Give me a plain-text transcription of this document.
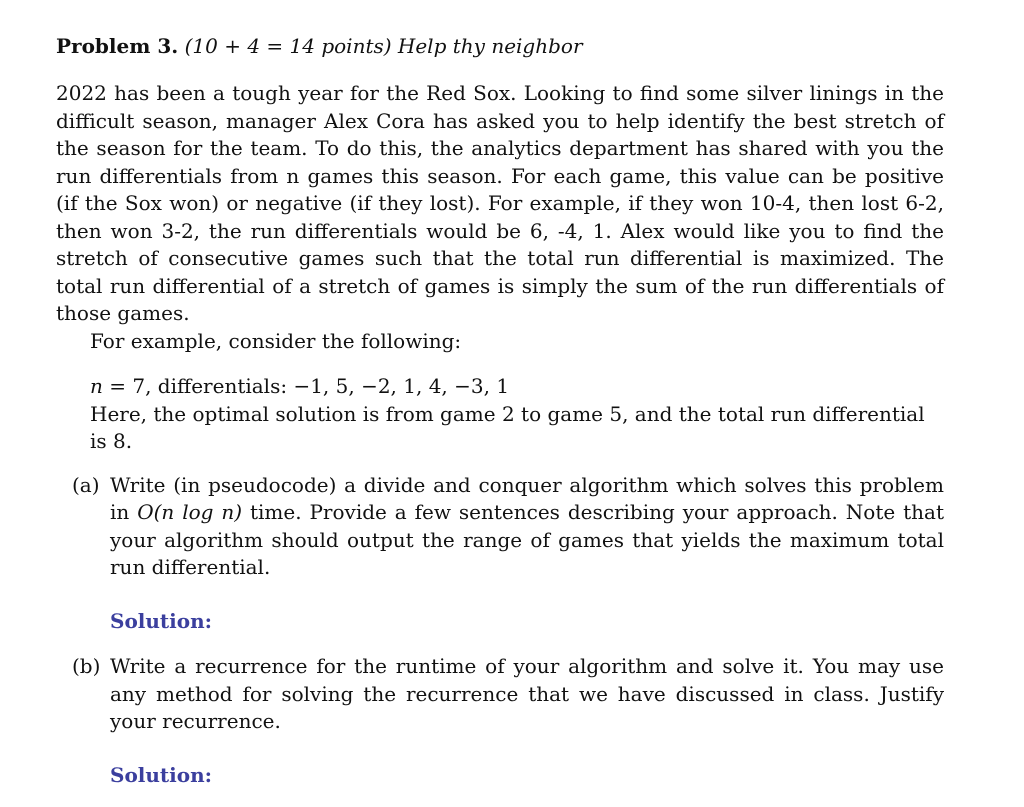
Problem 3. (10 + 4 = 14 points) Help thy neighbor

2022 has been a tough year for the Red Sox. Looking to find some silver linings in the difficult season, manager Alex Cora has asked you to help identify the best stretch of the season for the team. To do this, the analytics department has shared with you the run differentials from n games this season. For each game, this value can be positive (if the Sox won) or negative (if they lost). For example, if they won 10-4, then lost 6-2, then won 3-2, the run differentials would be 6, -4, 1. Alex would like you to find the stretch of consecutive games such that the total run differential is maximized. The total run differential of a stretch of games is simply the sum of the run differentials of those games.
For example, consider the following:
n = 7, differentials: −1, 5, −2, 1, 4, −3, 1
Here, the optimal solution is from game 2 to game 5, and the total run differential is 8.
(a) Write (in pseudocode) a divide and conquer algorithm which solves this problem in O(n log n) time. Provide a few sentences describing your approach. Note that your algorithm should output the range of games that yields the maximum total run differential.
Solution:
(b) Write a recurrence for the runtime of your algorithm and solve it. You may use any method for solving the recurrence that we have discussed in class. Justify your recurrence.
Solution:
